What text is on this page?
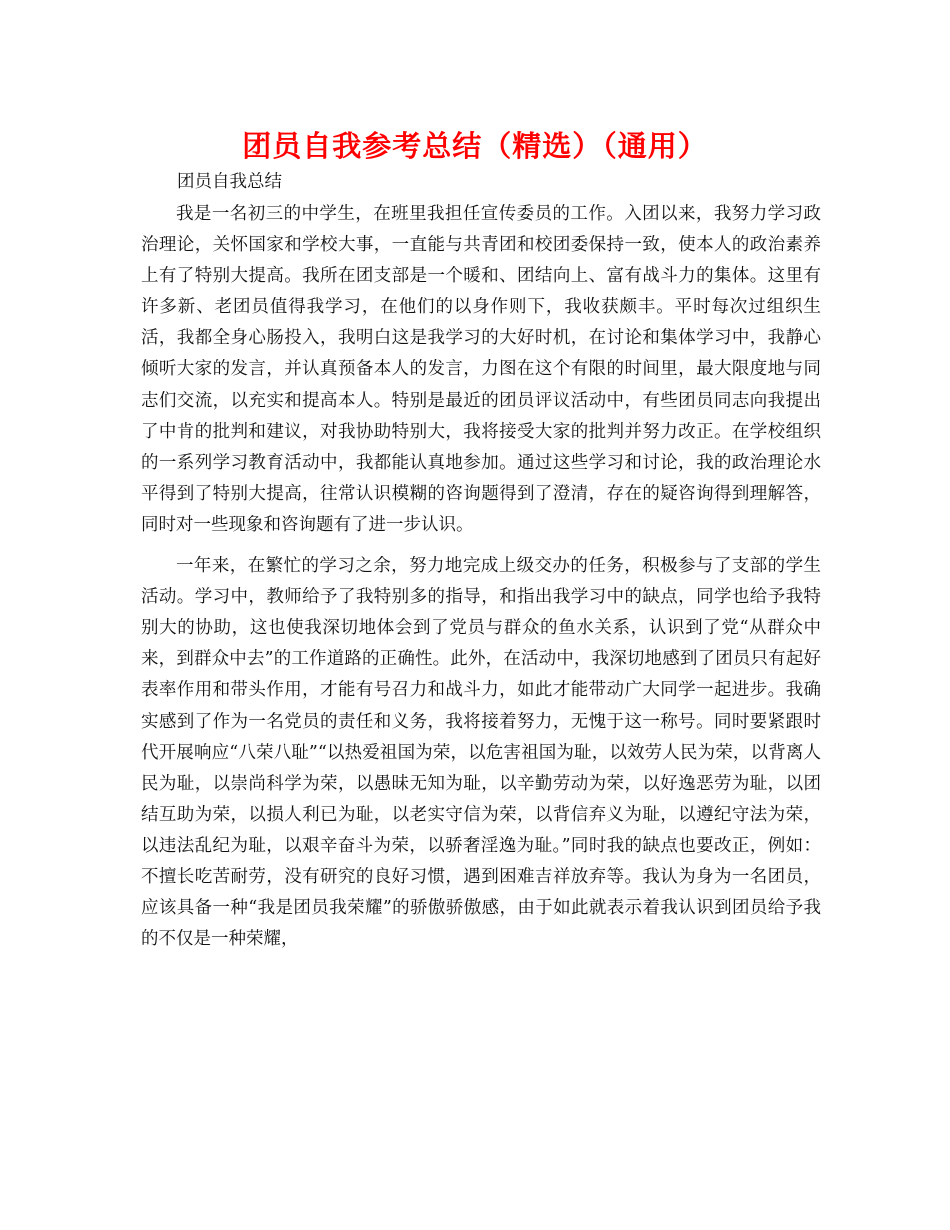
团员自我参考总结（精选）（通用）

团员自我总结

我是一名初三的中学生，在班里我担任宣传委员的工作。入团以来，我努力学习政治理论，关怀国家和学校大事，一直能与共青团和校团委保持一致，使本人的政治素养上有了特别大提高。我所在团支部是一个暖和、团结向上、富有战斗力的集体。这里有许多新、老团员值得我学习，在他们的以身作则下，我收获颇丰。平时每次过组织生活，我都全身心肠投入，我明白这是我学习的大好时机，在讨论和集体学习中，我静心倾听大家的发言，并认真预备本人的发言，力图在这个有限的时间里，最大限度地与同志们交流，以充实和提高本人。特别是最近的团员评议活动中，有些团员同志向我提出了中肯的批判和建议，对我协助特别大，我将接受大家的批判并努力改正。在学校组织的一系列学习教育活动中，我都能认真地参加。通过这些学习和讨论，我的政治理论水平得到了特别大提高，往常认识模糊的咨询题得到了澄清，存在的疑咨询得到理解答，同时对一些现象和咨询题有了进一步认识。

一年来，在繁忙的学习之余，努力地完成上级交办的任务，积极参与了支部的学生活动。学习中，教师给予了我特别多的指导，和指出我学习中的缺点，同学也给予我特别大的协助，这也使我深切地体会到了党员与群众的鱼水关系，认识到了党“从群众中来，到群众中去”的工作道路的正确性。此外，在活动中，我深切地感到了团员只有起好表率作用和带头作用，才能有号召力和战斗力，如此才能带动广大同学一起进步。我确实感到了作为一名党员的责任和义务，我将接着努力，无愧于这一称号。同时要紧跟时代开展响应“八荣八耻”“以热爱祖国为荣，以危害祖国为耻，以效劳人民为荣，以背离人民为耻，以崇尚科学为荣，以愚昧无知为耻，以辛勤劳动为荣，以好逸恶劳为耻，以团结互助为荣，以损人利已为耻，以老实守信为荣，以背信弃义为耻，以遵纪守法为荣，以违法乱纪为耻，以艰辛奋斗为荣，以骄奢淫逸为耻。”同时我的缺点也要改正，例如：不擅长吃苦耐劳，没有研究的良好习惯，遇到困难吉祥放弃等。我认为身为一名团员，应该具备一种“我是团员我荣耀”的骄傲骄傲感，由于如此就表示着我认识到团员给予我的不仅是一种荣耀，
